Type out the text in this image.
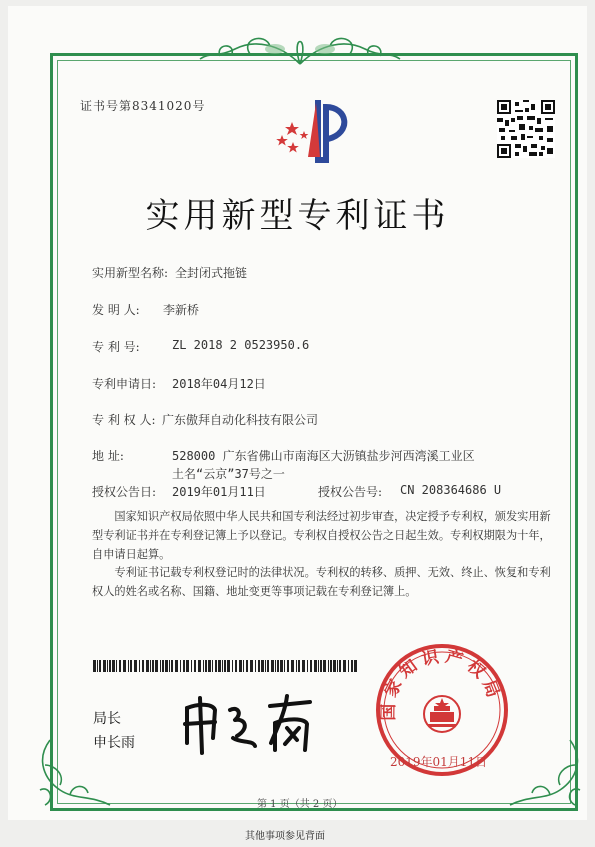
证书号第8341020号
实用新型专利证书
实用新型名称: 全封闭式拖链
发 明 人: 李新桥
专 利 号:	ZL 2018 2 0523950.6
专利申请日: 2018年04月12日
专 利 权 人: 广东傲拜自动化科技有限公司
地 址:	528000 广东省佛山市南海区大沥镇盐步河西湾溪工业区
土名“云京”37号之一
授权公告日: 2019年01月11日	授权公告号: CN 208364686 U
国家知识产权局依照中华人民共和国专利法经过初步审查，决定授予专利权，颁发实用新型专利证书并在专利登记簿上予以登记。专利权自授权公告之日起生效。专利权期限为十年，自申请日起算。
专利证书记载专利权登记时的法律状况。专利权的转移、质押、无效、终止、恢复和专利权人的姓名或名称、国籍、地址变更等事项记载在专利登记簿上。
局长
申长雨
国家知识产权局
2019年01月11日
第 1 页（共 2 页）
其他事项参见背面
